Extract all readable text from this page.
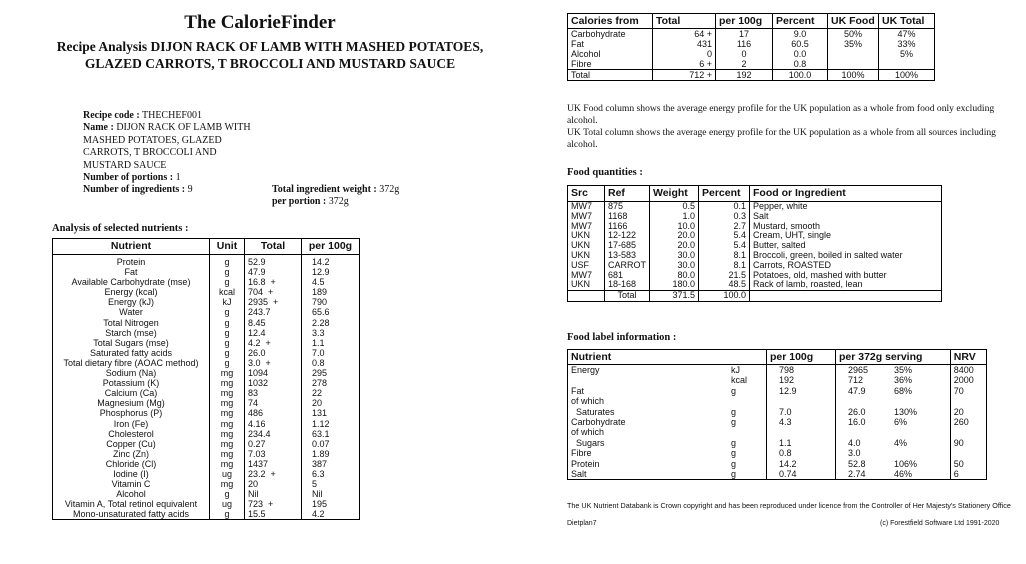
The CalorieFinder
Recipe Analysis DIJON RACK OF LAMB WITH MASHED POTATOES,
GLAZED CARROTS, T BROCCOLI AND MUSTARD SAUCE
Recipe code : THECHEF001
Name : DIJON RACK OF LAMB WITH
MASHED POTATOES, GLAZED
CARROTS, T BROCCOLI AND
MUSTARD SAUCE
Number of portions : 1
Number of ingredients : 9	Total ingredient weight : 372g
per portion : 372g
Analysis of selected nutrients :
Nutrient	Unit	Total	per 100g
Protein	g	52.9	14.2
Fat	g	47.9	12.9
Available Carbohydrate (mse)	g	16.8  +	4.5
Energy (kcal)	kcal	704  +	189
Energy (kJ)	kJ	2935  +	790
Water	g	243.7	65.6
Total Nitrogen	g	8.45	2.28
Starch (mse)	g	12.4	3.3
Total Sugars (mse)	g	4.2  +	1.1
Saturated fatty acids	g	26.0	7.0
Total dietary fibre (AOAC method)	g	3.0  +	0.8
Sodium (Na)	mg	1094	295
Potassium (K)	mg	1032	278
Calcium (Ca)	mg	83	22
Magnesium (Mg)	mg	74	20
Phosphorus (P)	mg	486	131
Iron (Fe)	mg	4.16	1.12
Cholesterol	mg	234.4	63.1
Copper (Cu)	mg	0.27	0.07
Zinc (Zn)	mg	7.03	1.89
Chloride (Cl)	mg	1437	387
Iodine (I)	ug	23.2  +	6.3
Vitamin C	mg	20	5
Alcohol	g	Nil	Nil
Vitamin A, Total retinol equivalent	ug	723  +	195
Mono-unsaturated fatty acids	g	15.5	4.2
Calories from	Total	per 100g	Percent	UK Food	UK Total
Carbohydrate	64 +	17	9.0	50%	47%
Fat	431	116	60.5	35%	33%
Alcohol	0	0	0.0		5%
Fibre	6 +	2	0.8		
Total	712 +	192	100.0	100%	100%
UK Food column shows the average energy profile for the UK population as a whole from food only excluding alcohol.
UK Total column shows the average energy profile for the UK population as a whole from all sources including alcohol.
Food quantities :
Src	Ref	Weight	Percent	Food or Ingredient
MW7	875	0.5	0.1	Pepper, white
MW7	1168	1.0	0.3	Salt
MW7	1166	10.0	2.7	Mustard, smooth
UKN	12-122	20.0	5.4	Cream, UHT, single
UKN	17-685	20.0	5.4	Butter, salted
UKN	13-583	30.0	8.1	Broccoli, green, boiled in salted water
USF	CARROT	30.0	8.1	Carrots, ROASTED
MW7	681	80.0	21.5	Potatoes, old, mashed with butter
UKN	18-168	180.0	48.5	Rack of lamb, roasted, lean
	Total	371.5	100.0	
Food label information :
Nutrient		per 100g	per 372g serving		NRV
Energy	kJ	798	2965	35%	8400
	kcal	192	712	36%	2000
Fat	g	12.9	47.9	68%	70
of which					
Saturates	g	7.0	26.0	130%	20
Carbohydrate	g	4.3	16.0	6%	260
of which					
Sugars	g	1.1	4.0	4%	90
Fibre	g	0.8	3.0		
Protein	g	14.2	52.8	106%	50
Salt	g	0.74	2.74	46%	6
The UK Nutrient Databank is Crown copyright and has been reproduced under licence from the Controller of Her Majesty's Stationery Office
Dietplan7	(c) Forestfield Software Ltd 1991-2020
